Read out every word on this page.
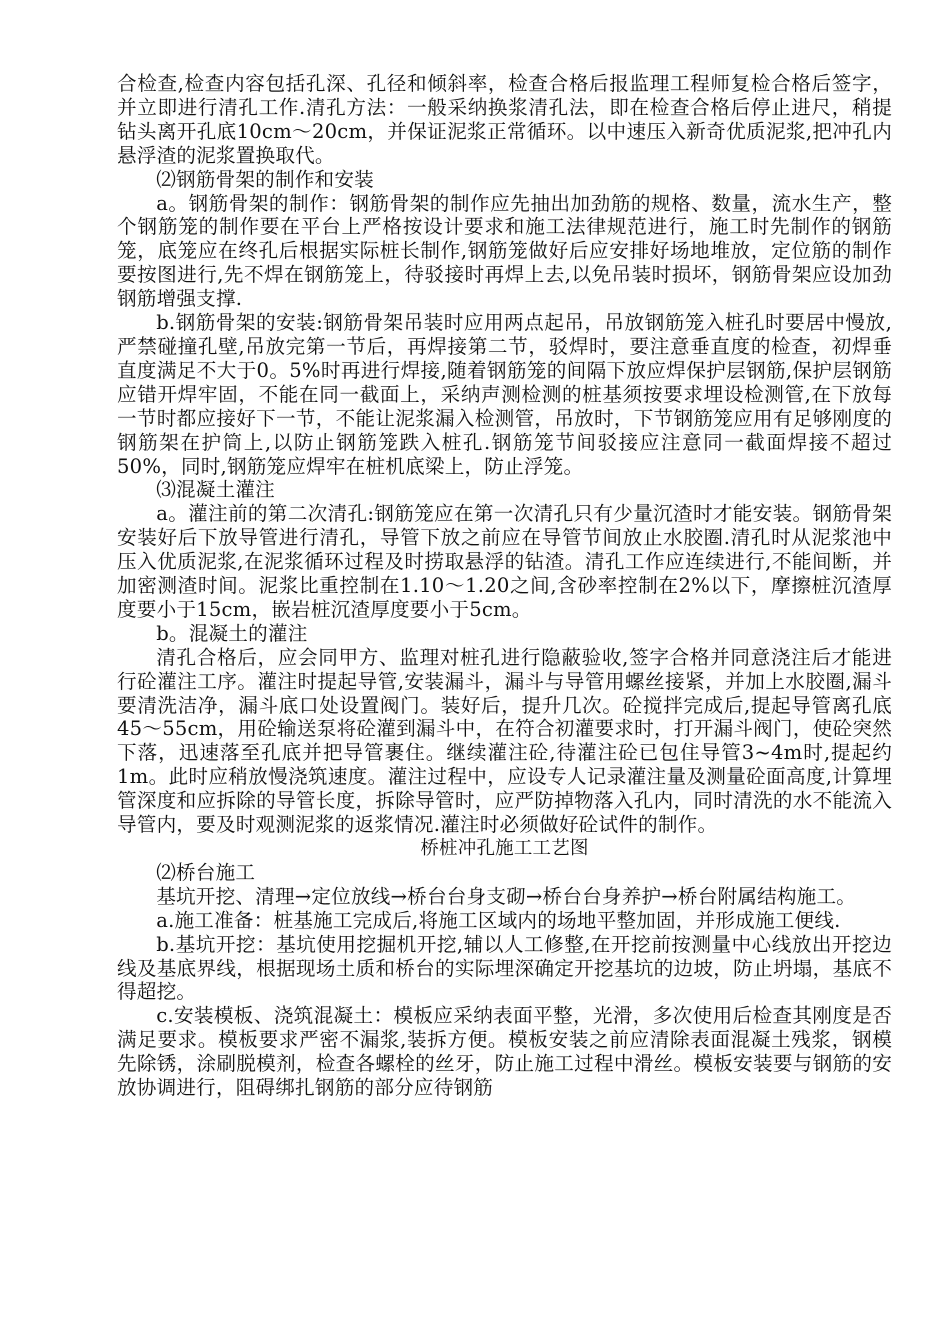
合检查,检查内容包括孔深、孔径和倾斜率，检查合格后报监理工程师复检合格后签字，并立即进行清孔工作.清孔方法：一般采纳换浆清孔法，即在检查合格后停止进尺，稍提钻头离开孔底10cm～20cm，并保证泥浆正常循环。以中速压入新奇优质泥浆,把冲孔内悬浮渣的泥浆置换取代。

⑵钢筋骨架的制作和安装

a。钢筋骨架的制作：钢筋骨架的制作应先抽出加劲筋的规格、数量，流水生产，整个钢筋笼的制作要在平台上严格按设计要求和施工法律规范进行，施工时先制作的钢筋笼，底笼应在终孔后根据实际桩长制作,钢筋笼做好后应安排好场地堆放，定位筋的制作要按图进行,先不焊在钢筋笼上，待驳接时再焊上去,以免吊装时损坏，钢筋骨架应设加劲钢筋增强支撑.

b.钢筋骨架的安装:钢筋骨架吊装时应用两点起吊，吊放钢筋笼入桩孔时要居中慢放,严禁碰撞孔壁,吊放完第一节后，再焊接第二节，驳焊时，要注意垂直度的检查，初焊垂直度满足不大于0。5%时再进行焊接,随着钢筋笼的间隔下放应焊保护层钢筋,保护层钢筋应错开焊牢固，不能在同一截面上，采纳声测检测的桩基须按要求埋设检测管,在下放每一节时都应接好下一节，不能让泥浆漏入检测管，吊放时，下节钢筋笼应用有足够刚度的钢筋架在护筒上,以防止钢筋笼跌入桩孔.钢筋笼节间驳接应注意同一截面焊接不超过50%，同时,钢筋笼应焊牢在桩机底梁上，防止浮笼。

⑶混凝土灌注

a。灌注前的第二次清孔:钢筋笼应在第一次清孔只有少量沉渣时才能安装。钢筋骨架安装好后下放导管进行清孔，导管下放之前应在导管节间放止水胶圈.清孔时从泥浆池中压入优质泥浆,在泥浆循环过程及时捞取悬浮的钻渣。清孔工作应连续进行,不能间断，并加密测渣时间。泥浆比重控制在1.10～1.20之间,含砂率控制在2%以下，摩擦桩沉渣厚度要小于15cm，嵌岩桩沉渣厚度要小于5cm。

b。混凝土的灌注

清孔合格后，应会同甲方、监理对桩孔进行隐蔽验收,签字合格并同意浇注后才能进行砼灌注工序。灌注时提起导管,安装漏斗，漏斗与导管用螺丝接紧，并加上水胶圈,漏斗要清洗洁净，漏斗底口处设置阀门。装好后，提升几次。砼搅拌完成后,提起导管离孔底45～55cm，用砼输送泵将砼灌到漏斗中，在符合初灌要求时，打开漏斗阀门，使砼突然下落，迅速落至孔底并把导管裹住。继续灌注砼,待灌注砼已包住导管3~4m时,提起约1m。此时应稍放慢浇筑速度。灌注过程中，应设专人记录灌注量及测量砼面高度,计算埋管深度和应拆除的导管长度，拆除导管时，应严防掉物落入孔内，同时清洗的水不能流入导管内，要及时观测泥浆的返浆情况.灌注时必须做好砼试件的制作。

桥桩冲孔施工工艺图

⑵桥台施工

基坑开挖、清理→定位放线→桥台台身支砌→桥台台身养护→桥台附属结构施工。

a.施工准备：桩基施工完成后,将施工区域内的场地平整加固，并形成施工便线.

b.基坑开挖：基坑使用挖掘机开挖,辅以人工修整,在开挖前按测量中心线放出开挖边线及基底界线，根据现场土质和桥台的实际埋深确定开挖基坑的边坡，防止坍塌，基底不得超挖。

c.安装模板、浇筑混凝土：模板应采纳表面平整，光滑，多次使用后检查其刚度是否满足要求。模板要求严密不漏浆,装拆方便。模板安装之前应清除表面混凝土残浆，钢模先除锈，涂刷脱模剂，检查各螺栓的丝牙，防止施工过程中滑丝。模板安装要与钢筋的安放协调进行，阻碍绑扎钢筋的部分应待钢筋
